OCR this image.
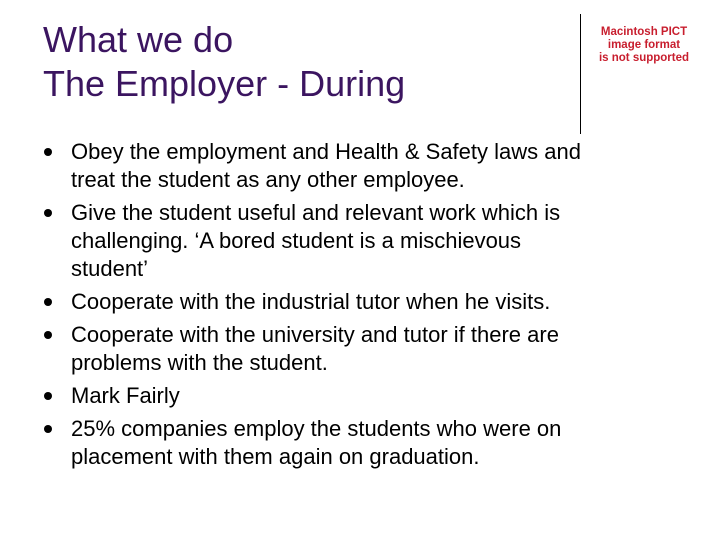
What we do
The Employer - During
Macintosh PICT
image format
is not supported
Obey the employment and Health & Safety laws and
treat the student as any other employee.
Give the student useful and relevant work which is
challenging. ‘A bored student is a mischievous
student’
Cooperate with the industrial tutor when he visits.
Cooperate with the university and tutor if there are
problems with the student.
Mark Fairly
25% companies employ the students who were on
placement with them again on graduation.
